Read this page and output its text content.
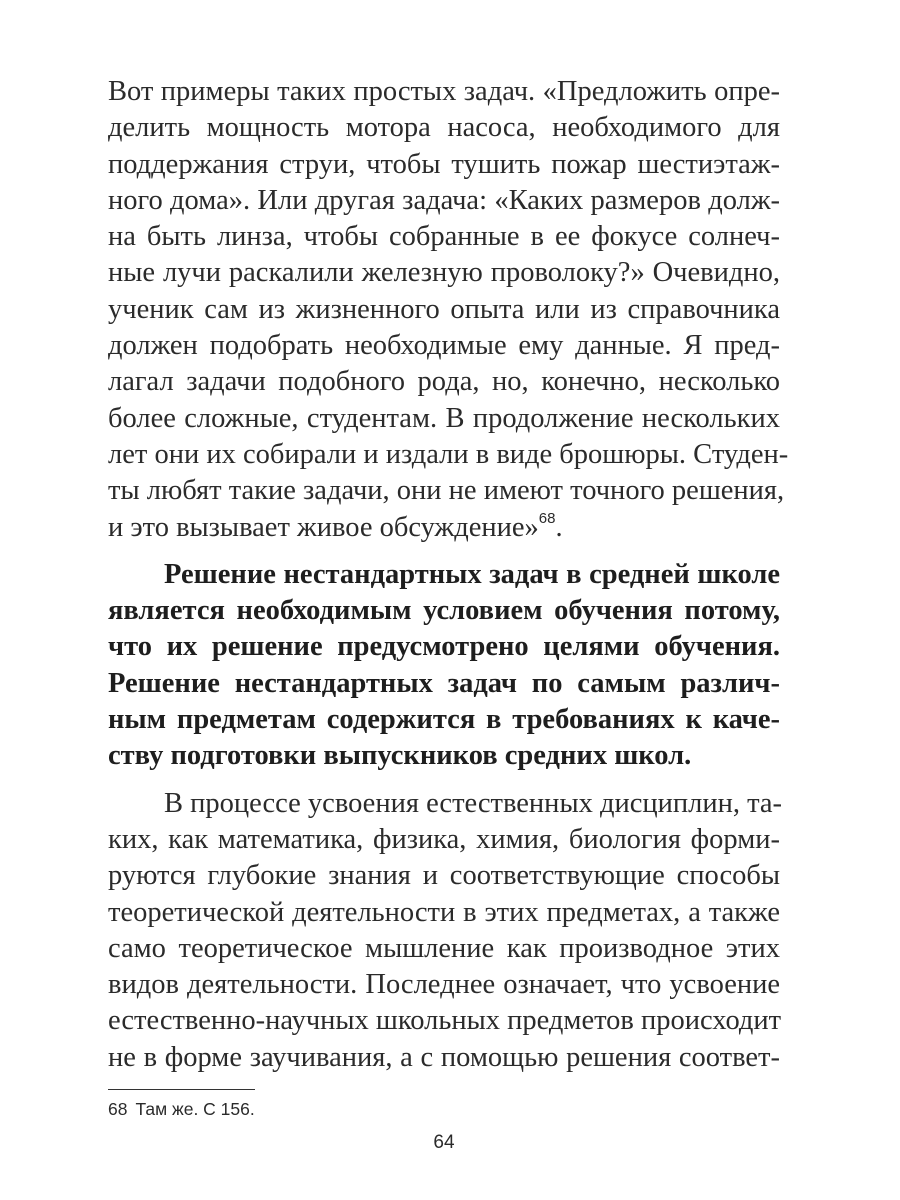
Вот примеры таких простых задач. «Предложить опре-
делить мощность мотора насоса, необходимого для
поддержания струи, чтобы тушить пожар шестиэтаж-
ного дома». Или другая задача: «Каких размеров долж-
на быть линза, чтобы собранные в ее фокусе солнеч-
ные лучи раскалили железную проволоку?» Очевидно,
ученик сам из жизненного опыта или из справочника
должен подобрать необходимые ему данные. Я пред-
лагал задачи подобного рода, но, конечно, несколько
более сложные, студентам. В продолжение нескольких
лет они их собирали и издали в виде брошюры. Студен-
ты любят такие задачи, они не имеют точного решения,
и это вызывает живое обсуждение»$^{68}$.
Решение нестандартных задач в средней школе
является необходимым условием обучения потому,
что их решение предусмотрено целями обучения.
Решение нестандартных задач по самым различ-
ным предметам содержится в требованиях к каче-
ству подготовки выпускников средних школ.
В процессе усвоения естественных дисциплин, та-
ких, как математика, физика, химия, биология форми-
руются глубокие знания и соответствующие способы
теоретической деятельности в этих предметах, а также
само теоретическое мышление как производное этих
видов деятельности. Последнее означает, что усвоение
естественно-научных школьных предметов происходит
не в форме заучивания, а с помощью решения соответ-
68 Там же. С 156.
64
